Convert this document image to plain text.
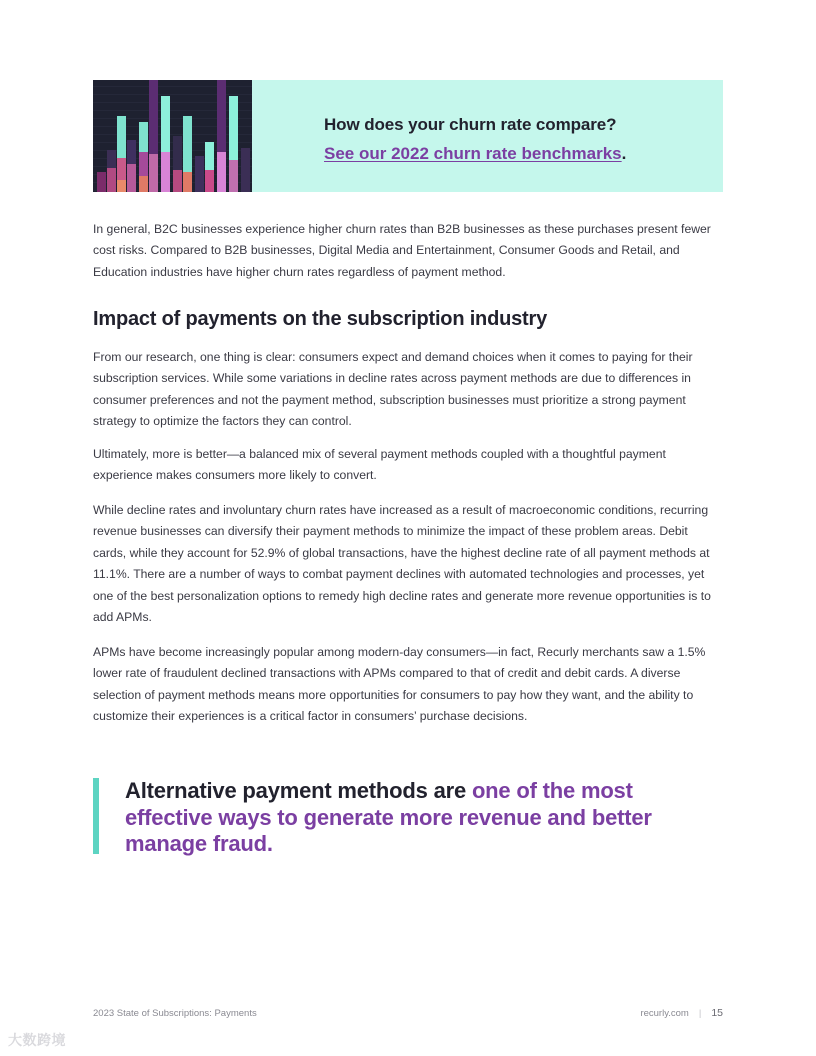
How does your churn rate compare?
See our 2022 churn rate benchmarks.

In general, B2C businesses experience higher churn rates than B2B businesses as these purchases present fewer cost risks. Compared to B2B businesses, Digital Media and Entertainment, Consumer Goods and Retail, and Education industries have higher churn rates regardless of payment method.

Impact of payments on the subscription industry

From our research, one thing is clear: consumers expect and demand choices when it comes to paying for their subscription services. While some variations in decline rates across payment methods are due to differences in consumer preferences and not the payment method, subscription businesses must prioritize a strong payment strategy to optimize the factors they can control.

Ultimately, more is better—a balanced mix of several payment methods coupled with a thoughtful payment experience makes consumers more likely to convert.

While decline rates and involuntary churn rates have increased as a result of macroeconomic conditions, recurring revenue businesses can diversify their payment methods to minimize the impact of these problem areas. Debit cards, while they account for 52.9% of global transactions, have the highest decline rate of all payment methods at 11.1%. There are a number of ways to combat payment declines with automated technologies and processes, yet one of the best personalization options to remedy high decline rates and generate more revenue opportunities is to add APMs.

APMs have become increasingly popular among modern-day consumers—in fact, Recurly merchants saw a 1.5% lower rate of fraudulent declined transactions with APMs compared to that of credit and debit cards. A diverse selection of payment methods means more opportunities for consumers to pay how they want, and the ability to customize their experiences is a critical factor in consumers’ purchase decisions.

Alternative payment methods are one of the most effective ways to generate more revenue and better manage fraud.
2023 State of Subscriptions: Payments	recurly.com | 15
大数跨境
